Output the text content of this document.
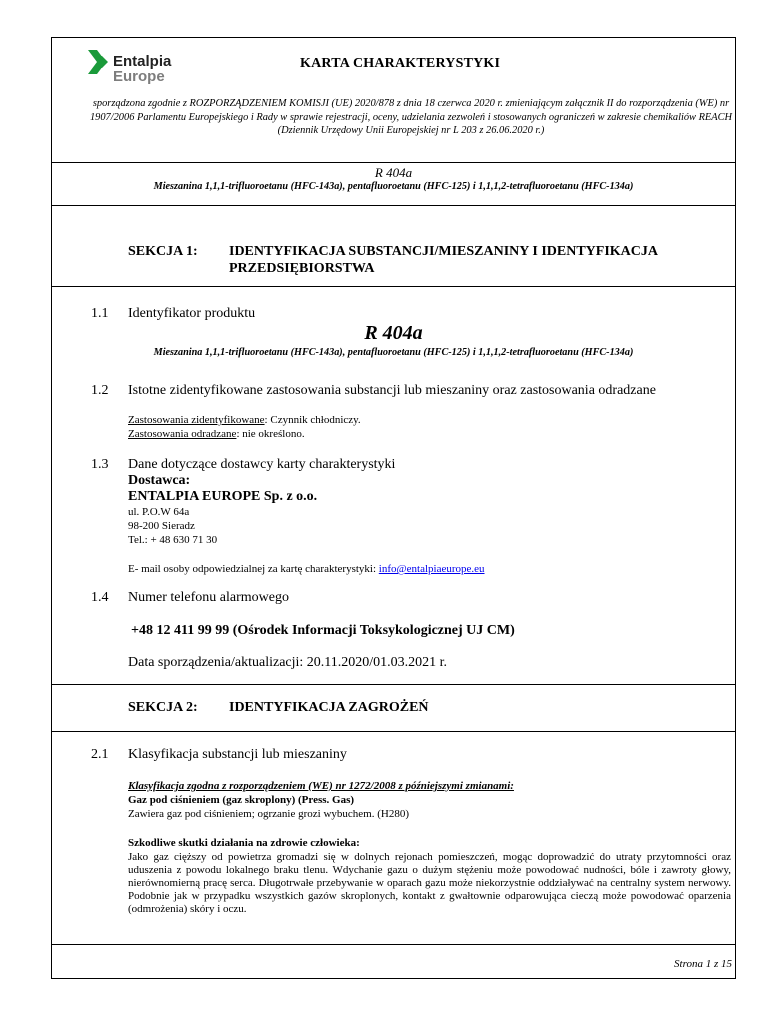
Entalpia
Europe
KARTA CHARAKTERYSTYKI
sporządzona zgodnie z ROZPORZĄDZENIEM KOMISJI (UE) 2020/878 z dnia 18 czerwca 2020 r. zmieniającym załącznik II do rozporządzenia (WE) nr 1907/2006 Parlamentu Europejskiego i Rady w sprawie rejestracji, oceny, udzielania zezwoleń i stosowanych ograniczeń w zakresie chemikaliów REACH (Dziennik Urzędowy Unii Europejskiej nr L 203 z 26.06.2020 r.)
R 404a
Mieszanina 1,1,1-trifluoroetanu (HFC-143a), pentafluoroetanu (HFC-125) i 1,1,1,2-tetrafluoroetanu (HFC-134a)
SEKCJA 1: IDENTYFIKACJA SUBSTANCJI/MIESZANINY I IDENTYFIKACJA
PRZEDSIĘBIORSTWA
1.1 Identyfikator produktu
R 404a
Mieszanina 1,1,1-trifluoroetanu (HFC-143a), pentafluoroetanu (HFC-125) i 1,1,1,2-tetrafluoroetanu (HFC-134a)
1.2 Istotne zidentyfikowane zastosowania substancji lub mieszaniny oraz zastosowania odradzane
Zastosowania zidentyfikowane: Czynnik chłodniczy.
Zastosowania odradzane: nie określono.
1.3 Dane dotyczące dostawcy karty charakterystyki
Dostawca:
ENTALPIA EUROPE Sp. z o.o.
ul. P.O.W 64a
98-200 Sieradz
Tel.: + 48 630 71 30
E- mail osoby odpowiedzialnej za kartę charakterystyki: info@entalpiaeurope.eu
1.4 Numer telefonu alarmowego
+48 12 411 99 99 (Ośrodek Informacji Toksykologicznej UJ CM)
Data sporządzenia/aktualizacji: 20.11.2020/01.03.2021 r.
SEKCJA 2: IDENTYFIKACJA ZAGROŻEŃ
2.1 Klasyfikacja substancji lub mieszaniny
Klasyfikacja zgodna z rozporządzeniem (WE) nr 1272/2008 z późniejszymi zmianami:
Gaz pod ciśnieniem (gaz skroplony) (Press. Gas)
Zawiera gaz pod ciśnieniem; ogrzanie grozi wybuchem. (H280)
Szkodliwe skutki działania na zdrowie człowieka:
Jako gaz cięższy od powietrza gromadzi się w dolnych rejonach pomieszczeń, mogąc doprowadzić do utraty przytomności oraz uduszenia z powodu lokalnego braku tlenu. Wdychanie gazu o dużym stężeniu może powodować nudności, bóle i zawroty głowy, nierównomierną pracę serca. Długotrwałe przebywanie w oparach gazu może niekorzystnie oddziaływać na centralny system nerwowy. Podobnie jak w przypadku wszystkich gazów skroplonych, kontakt z gwałtownie odparowująca cieczą może powodować oparzenia (odmrożenia) skóry i oczu.
Strona 1 z 15
